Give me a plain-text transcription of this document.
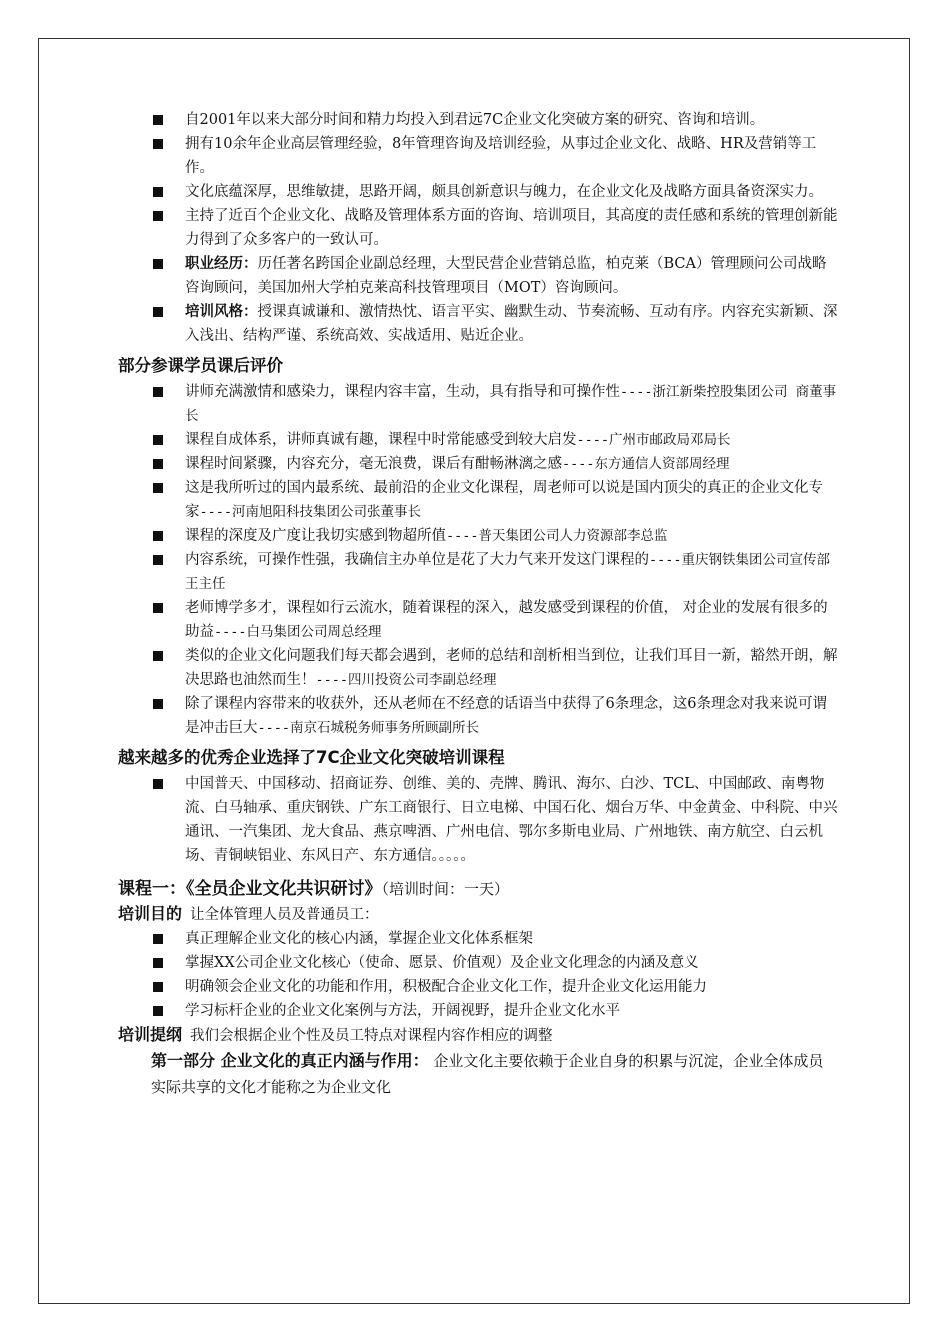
自2001年以来大部分时间和精力均投入到君远7C企业文化突破方案的研究、咨询和培训。
拥有10余年企业高层管理经验，8年管理咨询及培训经验，从事过企业文化、战略、HR及营销等工作。
文化底蕴深厚，思维敏捷，思路开阔，颇具创新意识与魄力，在企业文化及战略方面具备资深实力。
主持了近百个企业文化、战略及管理体系方面的咨询、培训项目，其高度的责任感和系统的管理创新能力得到了众多客户的一致认可。
职业经历：历任著名跨国企业副总经理，大型民营企业营销总监，柏克莱（BCA）管理顾问公司战略咨询顾问，美国加州大学柏克莱高科技管理项目（MOT）咨询顾问。
培训风格：授课真诚谦和、激情热忱、语言平实、幽默生动、节奏流畅、互动有序。内容充实新颖、深入浅出、结构严谨、系统高效、实战适用、贴近企业。
部分参课学员课后评价
讲师充满激情和感染力，课程内容丰富，生动，具有指导和可操作性----浙江新柴控股集团公司 商董事长
课程自成体系，讲师真诚有趣，课程中时常能感受到较大启发----广州市邮政局邓局长
课程时间紧骤，内容充分，毫无浪费，课后有酣畅淋漓之感----东方通信人资部周经理
这是我所听过的国内最系统、最前沿的企业文化课程，周老师可以说是国内顶尖的真正的企业文化专家----河南旭阳科技集团公司张董事长
课程的深度及广度让我切实感到物超所值----普天集团公司人力资源部李总监
内容系统，可操作性强，我确信主办单位是花了大力气来开发这门课程的----重庆钢铁集团公司宣传部王主任
老师博学多才，课程如行云流水，随着课程的深入，越发感受到课程的价值， 对企业的发展有很多的助益----白马集团公司周总经理
类似的企业文化问题我们每天都会遇到，老师的总结和剖析相当到位，让我们耳目一新，豁然开朗，解决思路也油然而生！----四川投资公司李副总经理
除了课程内容带来的收获外，还从老师在不经意的话语当中获得了6条理念，这6条理念对我来说可谓是冲击巨大----南京石城税务师事务所顾副所长
越来越多的优秀企业选择了7C企业文化突破培训课程
中国普天、中国移动、招商证券、创维、美的、壳牌、腾讯、海尔、白沙、TCL、中国邮政、南粤物流、白马轴承、重庆钢铁、广东工商银行、日立电梯、中国石化、烟台万华、中金黄金、中科院、中兴通讯、一汽集团、龙大食品、燕京啤酒、广州电信、鄂尔多斯电业局、广州地铁、南方航空、白云机场、青铜峡铝业、东风日产、东方通信。。。。。
课程一：《全员企业文化共识研讨》（培训时间：一天）
培训目的 让全体管理人员及普通员工：
真正理解企业文化的核心内涵，掌握企业文化体系框架
掌握XX公司企业文化核心（使命、愿景、价值观）及企业文化理念的内涵及意义
明确领会企业文化的功能和作用，积极配合企业文化工作，提升企业文化运用能力
学习标杆企业的企业文化案例与方法，开阔视野，提升企业文化水平
培训提纲 我们会根据企业个性及员工特点对课程内容作相应的调整
第一部分 企业文化的真正内涵与作用： 企业文化主要依赖于企业自身的积累与沉淀，企业全体成员实际共享的文化才能称之为企业文化
